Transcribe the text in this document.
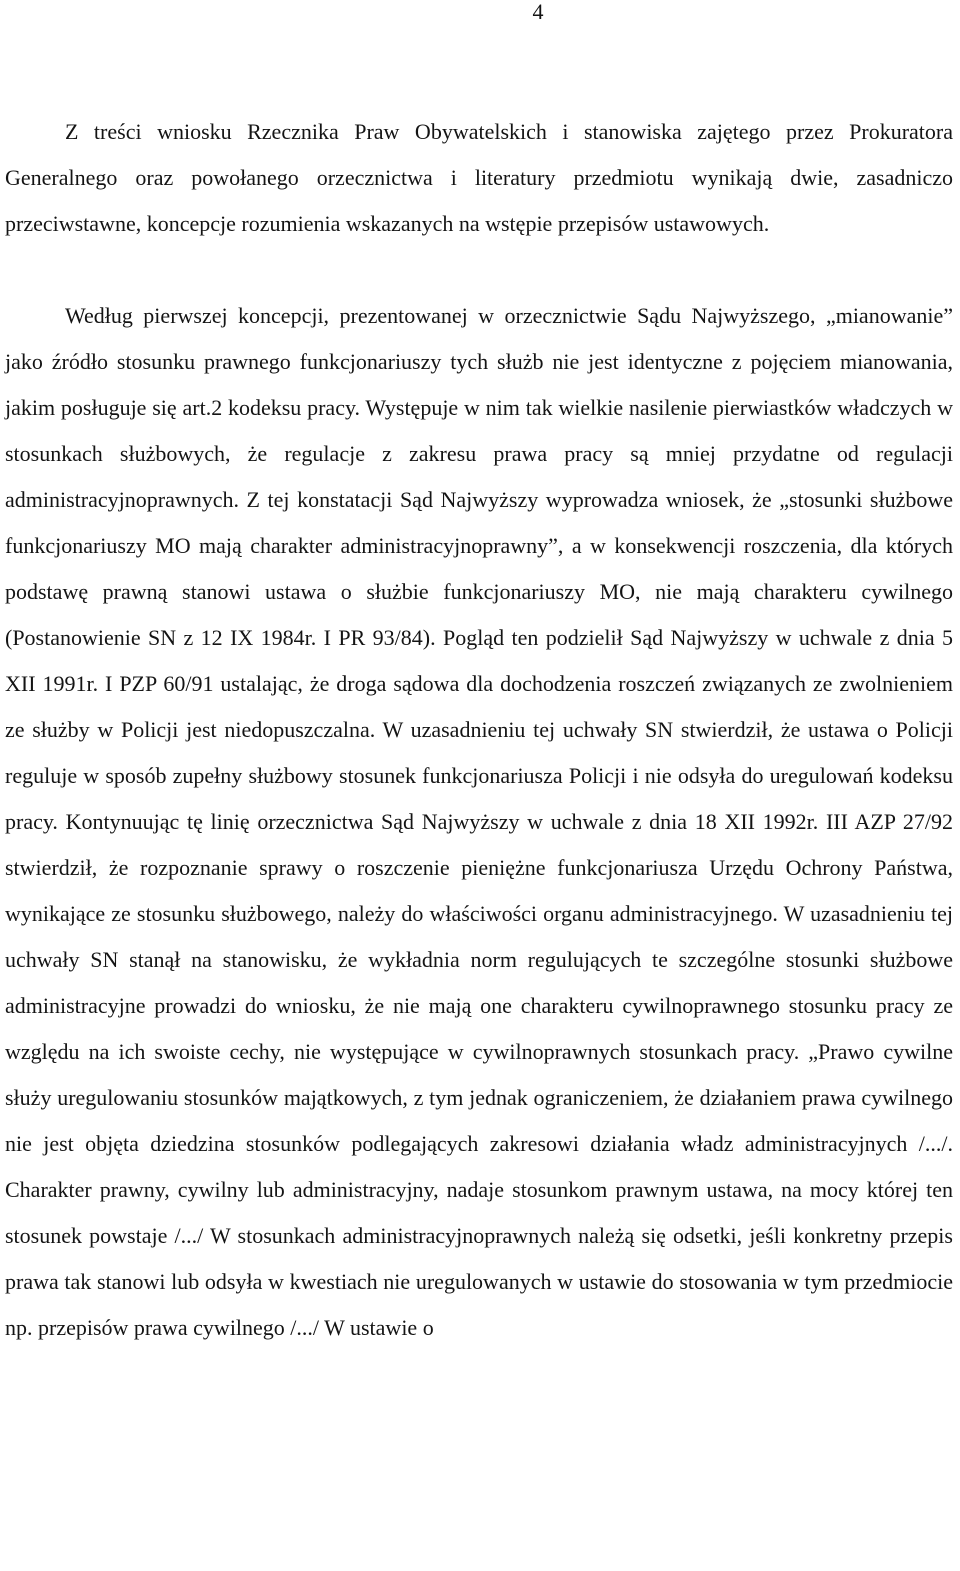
4

Z treści wniosku Rzecznika Praw Obywatelskich i stanowiska zajętego przez Prokuratora Generalnego oraz powołanego orzecznictwa i literatury przedmiotu wynikają dwie, zasadniczo przeciwstawne, koncepcje rozumienia wskazanych na wstępie przepisów ustawowych.

Według pierwszej koncepcji, prezentowanej w orzecznictwie Sądu Najwyższego, „mianowanie” jako źródło stosunku prawnego funkcjonariuszy tych służb nie jest identyczne z pojęciem mianowania, jakim posługuje się art.2 kodeksu pracy. Występuje w nim tak wielkie nasilenie pierwiastków władczych w stosunkach służbowych, że regulacje z zakresu prawa pracy są mniej przydatne od regulacji administracyjnoprawnych. Z tej konstatacji Sąd Najwyższy wyprowadza wniosek, że „stosunki służbowe funkcjonariuszy MO mają charakter administracyjnoprawny”, a w konsekwencji roszczenia, dla których podstawę prawną stanowi ustawa o służbie funkcjonariuszy MO, nie mają charakteru cywilnego (Postanowienie SN z 12 IX 1984r. I PR 93/84). Pogląd ten podzielił Sąd Najwyższy w uchwale z dnia 5 XII 1991r. I PZP 60/91 ustalając, że droga sądowa dla dochodzenia roszczeń związanych ze zwolnieniem ze służby w Policji jest niedopuszczalna. W uzasadnieniu tej uchwały SN stwierdził, że ustawa o Policji reguluje w sposób zupełny służbowy stosunek funkcjonariusza Policji i nie odsyła do uregulowań kodeksu pracy. Kontynuując tę linię orzecznictwa Sąd Najwyższy w uchwale z dnia 18 XII 1992r. III AZP 27/92 stwierdził, że rozpoznanie sprawy o roszczenie pieniężne funkcjonariusza Urzędu Ochrony Państwa, wynikające ze stosunku służbowego, należy do właściwości organu administracyjnego. W uzasadnieniu tej uchwały SN stanął na stanowisku, że wykładnia norm regulujących te szczególne stosunki służbowe administracyjne prowadzi do wniosku, że nie mają one charakteru cywilnoprawnego stosunku pracy ze względu na ich swoiste cechy, nie występujące w cywilnoprawnych stosunkach pracy. „Prawo cywilne służy uregulowaniu stosunków majątkowych, z tym jednak ograniczeniem, że działaniem prawa cywilnego nie jest objęta dziedzina stosunków podlegających zakresowi działania władz administracyjnych /.../. Charakter prawny, cywilny lub administracyjny, nadaje stosunkom prawnym ustawa, na mocy której ten stosunek powstaje /.../ W stosunkach administracyjnoprawnych należą się odsetki, jeśli konkretny przepis prawa tak stanowi lub odsyła w kwestiach nie uregulowanych w ustawie do stosowania w tym przedmiocie np. przepisów prawa cywilnego /.../ W ustawie o
